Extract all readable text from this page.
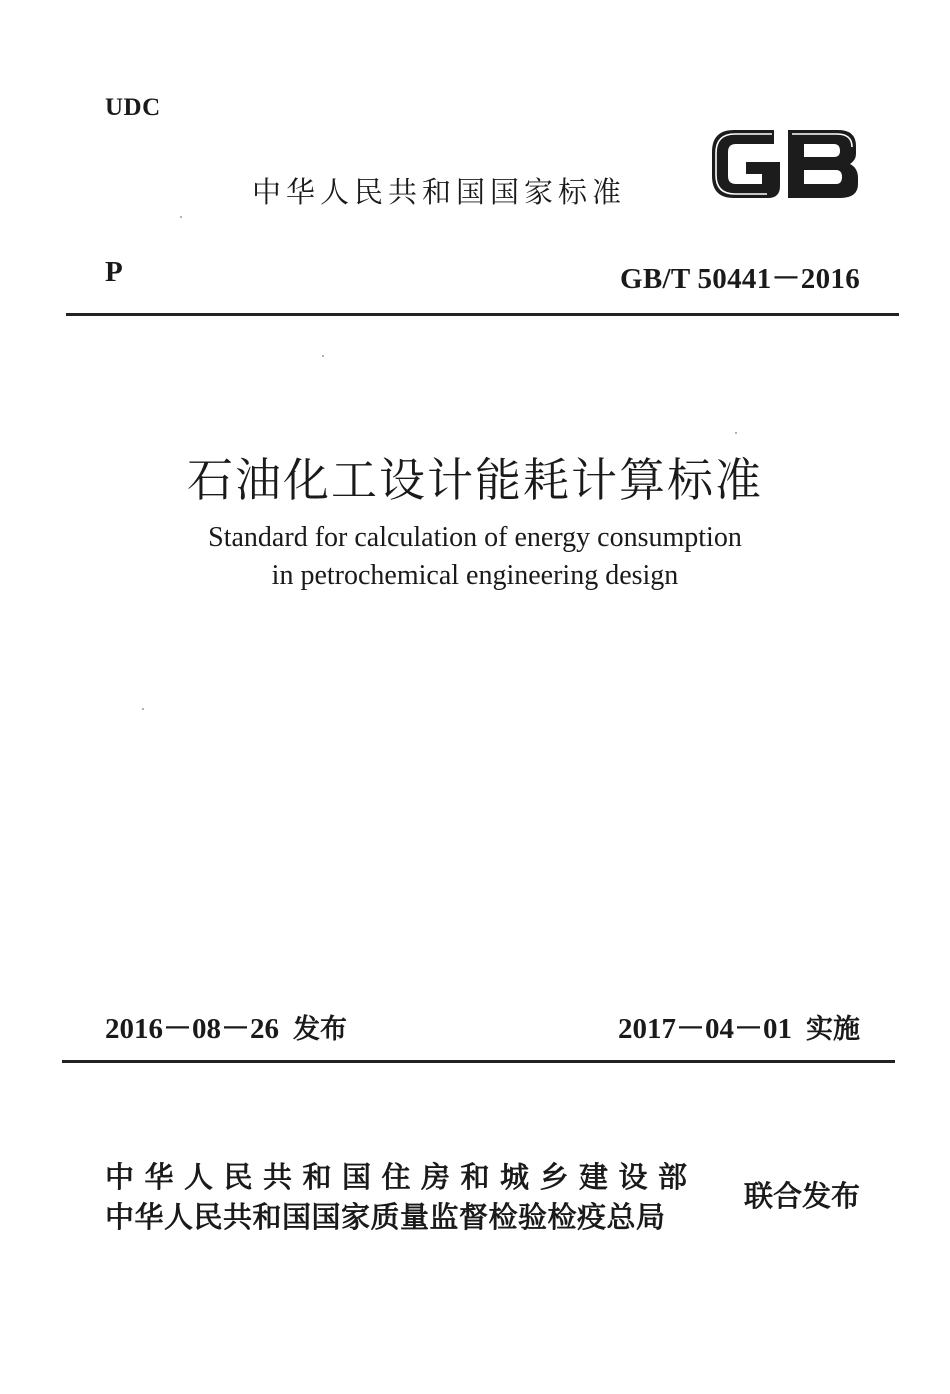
UDC
中华人民共和国国家标准
P	GB/T 50441－2016
石油化工设计能耗计算标准
Standard for calculation of energy consumption
in petrochemical engineering design
2016－08－26 发布	2017－04－01 实施
中华人民共和国住房和城乡建设部
中华人民共和国国家质量监督检验检疫总局
联合发布
